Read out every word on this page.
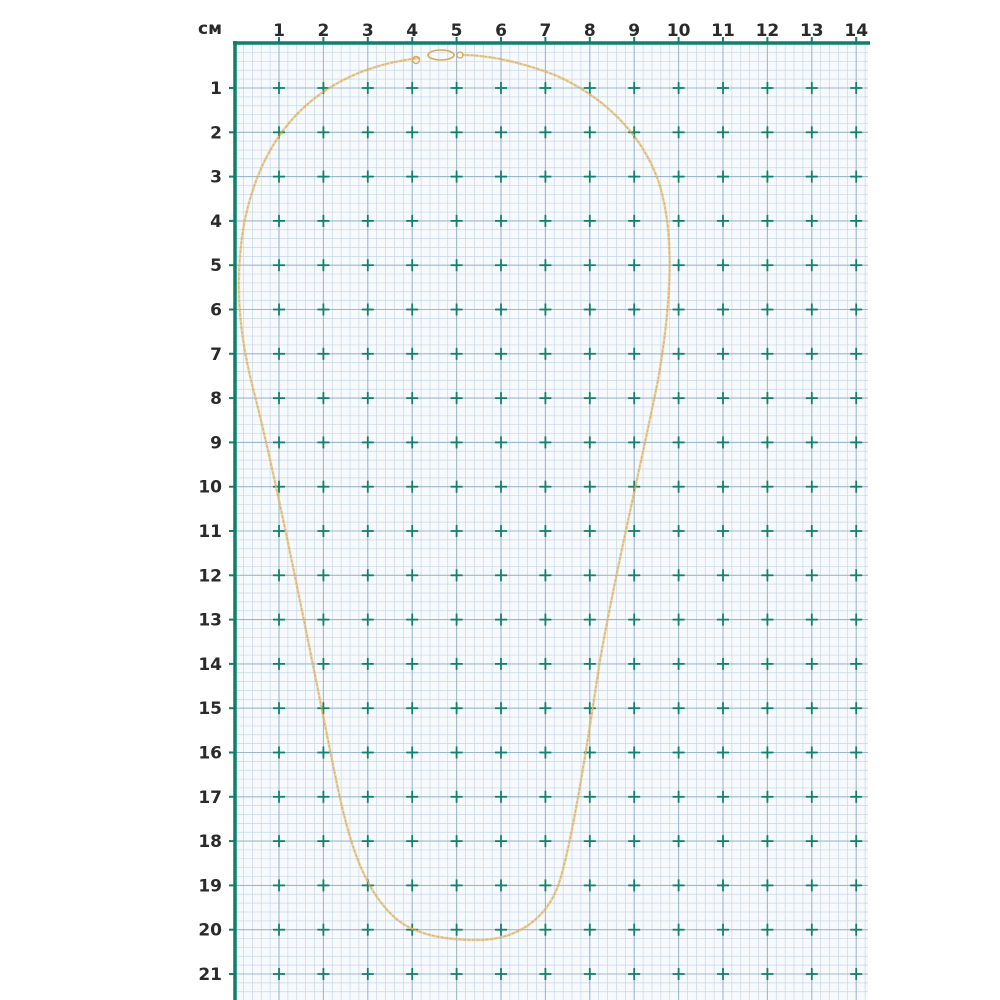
см	1 2 3 4 5 6 7 8 9 10 11 12 13 14
1
2
3
4
5
6
7
8
9
10
11
12
13
14
15
16
17
18
19
20
21
